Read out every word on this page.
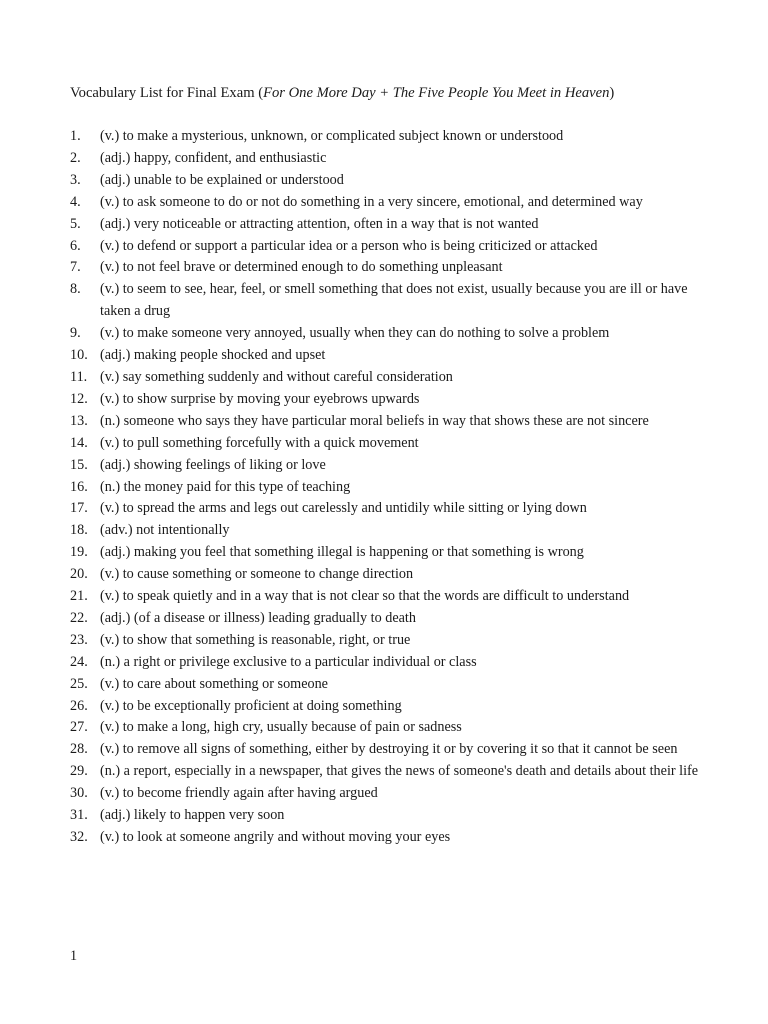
Vocabulary List for Final Exam (For One More Day + The Five People You Meet in Heaven)
1.	(v.) to make a mysterious, unknown, or complicated subject known or understood
2.	(adj.) happy, confident, and enthusiastic
3.	(adj.) unable to be explained or understood
4.	(v.) to ask someone to do or not do something in a very sincere, emotional, and determined way
5.	(adj.) very noticeable or attracting attention, often in a way that is not wanted
6.	(v.) to defend or support a particular idea or a person who is being criticized or attacked
7.	(v.) to not feel brave or determined enough to do something unpleasant
8.	(v.) to seem to see, hear, feel, or smell something that does not exist, usually because you are ill or have taken a drug
9.	(v.) to make someone very annoyed, usually when they can do nothing to solve a problem
10. (adj.) making people shocked and upset
11. (v.) say something suddenly and without careful consideration
12. (v.) to show surprise by moving your eyebrows upwards
13. (n.) someone who says they have particular moral beliefs in way that shows these are not sincere
14. (v.) to pull something forcefully with a quick movement
15. (adj.) showing feelings of liking or love
16. (n.) the money paid for this type of teaching
17. (v.) to spread the arms and legs out carelessly and untidily while sitting or lying down
18. (adv.) not intentionally
19. (adj.) making you feel that something illegal is happening or that something is wrong
20. (v.) to cause something or someone to change direction
21. (v.) to speak quietly and in a way that is not clear so that the words are difficult to understand
22. (adj.) (of a disease or illness) leading gradually to death
23. (v.) to show that something is reasonable, right, or true
24. (n.) a right or privilege exclusive to a particular individual or class
25. (v.) to care about something or someone
26. (v.) to be exceptionally proficient at doing something
27. (v.) to make a long, high cry, usually because of pain or sadness
28. (v.) to remove all signs of something, either by destroying it or by covering it so that it cannot be seen
29. (n.) a report, especially in a newspaper, that gives the news of someone's death and details about their life
30. (v.) to become friendly again after having argued
31. (adj.) likely to happen very soon
32. (v.) to look at someone angrily and without moving your eyes
1
